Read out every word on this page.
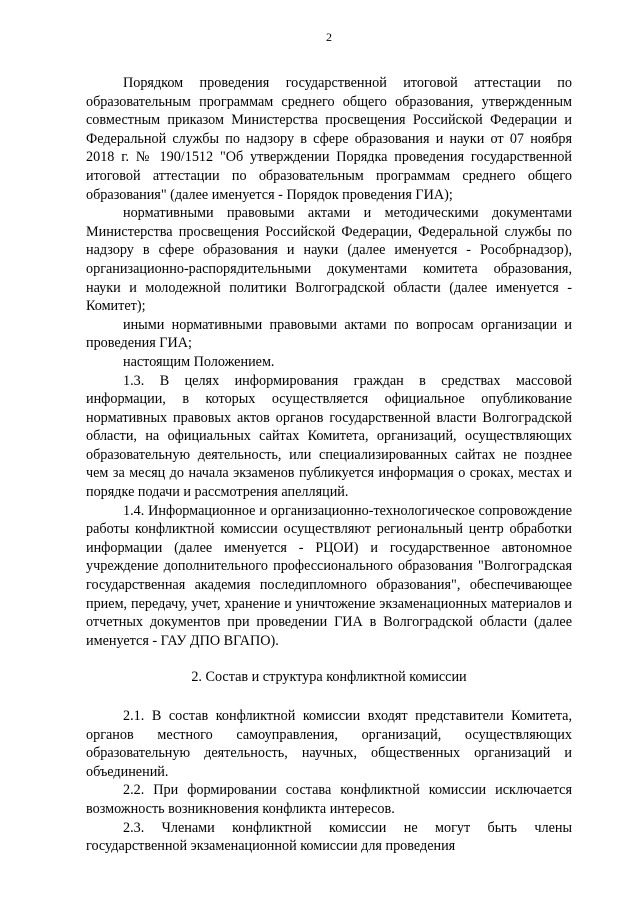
2

Порядком проведения государственной итоговой аттестации по образовательным программам среднего общего образования, утвержденным совместным приказом Министерства просвещения Российской Федерации и Федеральной службы по надзору в сфере образования и науки от 07 ноября 2018 г. № 190/1512 "Об утверждении Порядка проведения государственной итоговой аттестации по образовательным программам среднего общего образования" (далее именуется - Порядок проведения ГИА);

нормативными правовыми актами и методическими документами Министерства просвещения Российской Федерации, Федеральной службы по надзору в сфере образования и науки (далее именуется - Рособрнадзор), организационно-распорядительными документами комитета образования, науки и молодежной политики Волгоградской области (далее именуется - Комитет);

иными нормативными правовыми актами по вопросам организации и проведения ГИА;

настоящим Положением.

1.3. В целях информирования граждан в средствах массовой информации, в которых осуществляется официальное опубликование нормативных правовых актов органов государственной власти Волгоградской области, на официальных сайтах Комитета, организаций, осуществляющих образовательную деятельность, или специализированных сайтах не позднее чем за месяц до начала экзаменов публикуется информация о сроках, местах и порядке подачи и рассмотрения апелляций.

1.4. Информационное и организационно-технологическое сопровождение работы конфликтной комиссии осуществляют региональный центр обработки информации (далее именуется - РЦОИ) и государственное автономное учреждение дополнительного профессионального образования "Волгоградская государственная академия последипломного образования", обеспечивающее прием, передачу, учет, хранение и уничтожение экзаменационных материалов и отчетных документов при проведении ГИА в Волгоградской области (далее именуется - ГАУ ДПО ВГАПО).

2. Состав и структура конфликтной комиссии

2.1. В состав конфликтной комиссии входят представители Комитета, органов местного самоуправления, организаций, осуществляющих образовательную деятельность, научных, общественных организаций и объединений.

2.2. При формировании состава конфликтной комиссии исключается возможность возникновения конфликта интересов.

2.3. Членами конфликтной комиссии не могут быть члены государственной экзаменационной комиссии для проведения
